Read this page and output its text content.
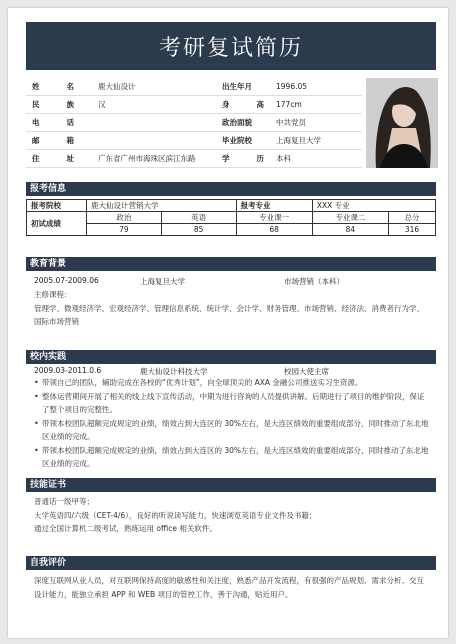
考研复试简历
姓	名	鹿大仙设计	出生年月	1996.05
民	族	汉	身	高 177cm
电	话	政治面貌	中共党员
邮	箱	毕业院校	上海复旦大学
住	址	广东省广州市海珠区滨江东路	学	历 本科
报考信息
报考院校	鹿大仙设计营销大学		报考专业	XXX 专业	
初试成绩	政治	英语	专业课一	专业课二	总分
	79	85	68	84	316
教育背景
2005.07-2009.06	上海复旦大学	市场营销（本科）
主修课程：
管理学、微观经济学、宏观经济学、管理信息系统、统计学、会计学、财务管理、市场营销、经济法、消费者行为学、国际市场营销
校内实践
2009.03-2011.0.6	鹿大仙设计科技大学	校园大使主席
• 带领自己的团队，辅助完成在各校的“优秀计划”，向全球顶尖的 AXA 金融公司推送实习生资源。
• 整体运营期间开展了相关的线上线下宣传活动，中期为进行咨询的人员提供讲解。后期进行了项目的维护阶段，保证了整个项目的完整性。
• 带领本校团队超额完成规定的业绩，绩效占到大连区的 30%左右，是大连区绩效的重要组成部分，同时推动了东北地区业绩的完成。
• 带领本校团队超额完成规定的业绩，绩效占到大连区的 30%左右，是大连区绩效的重要组成部分，同时推动了东北地区业绩的完成。
技能证书
普通话一级甲等；
大学英语四/六级（CET-4/6），良好的听说读写能力，快速浏览英语专业文件及书籍；
通过全国计算机二级考试，熟练运用 office 相关软件。
自我评价
深度互联网从业人员，对互联网保持高度的敏感性和关注度，熟悉产品开发流程，有很强的产品规划、需求分析、交互设计能力，能独立承担 APP 和 WEB 项目的管控工作，善于沟通，贴近用户。
